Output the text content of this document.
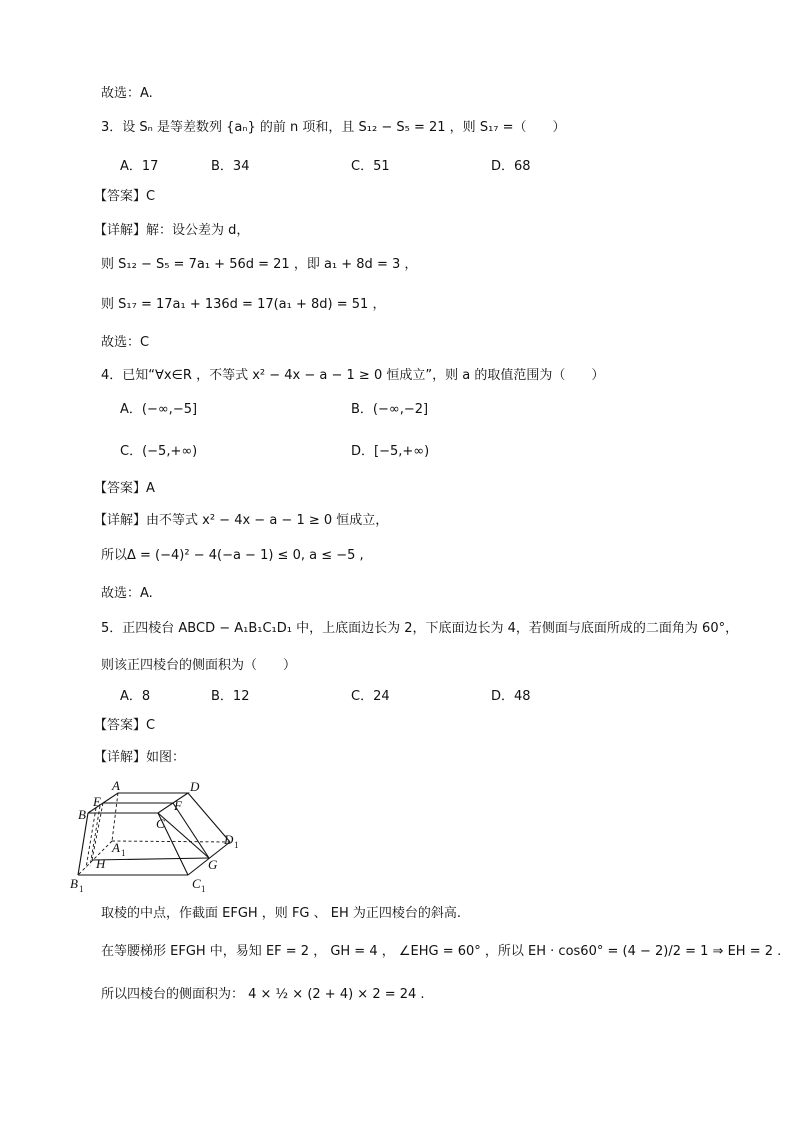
故选：A.
3．设 Sₙ 是等差数列 {aₙ} 的前 n 项和，且 S₁₂ − S₅ = 21 ，则 S₁₇ =（　　）
A．17	B．34	C．51	D．68
【答案】C
【详解】解：设公差为 d，
则 S₁₂ − S₅ = 7a₁ + 56d = 21 ，即 a₁ + 8d = 3 ，
则 S₁₇ = 17a₁ + 136d = 17(a₁ + 8d) = 51 ，
故选：C
4．已知“∀x∈R ，不等式 x² − 4x − a − 1 ≥ 0 恒成立”，则 a 的取值范围为（　　）
A．(−∞,−5]	B．(−∞,−2]
C．(−5,+∞)	D．[−5,+∞)
【答案】A
【详解】由不等式 x² − 4x − a − 1 ≥ 0 恒成立，
所以Δ = (−4)² − 4(−a − 1) ≤ 0, a ≤ −5 ,
故选：A.
5．正四棱台 ABCD − A₁B₁C₁D₁ 中，上底面边长为 2，下底面边长为 4，若侧面与底面所成的二面角为 60°，
则该正四棱台的侧面积为（　　）
A．8	B．12	C．24	D．48
【答案】C
【详解】如图：
A	D
E	F
B
C
D 1
A 1
H	G
B 1	C 1
取棱的中点，作截面 EFGH ，则 FG 、 EH 为正四棱台的斜高.
在等腰梯形 EFGH 中，易知 EF = 2 ， GH = 4 ， ∠EHG = 60° ，所以 EH · cos60° = (4 − 2)/2 = 1 ⇒ EH = 2 .
所以四棱台的侧面积为： 4 × ½ × (2 + 4) × 2 = 24 .
